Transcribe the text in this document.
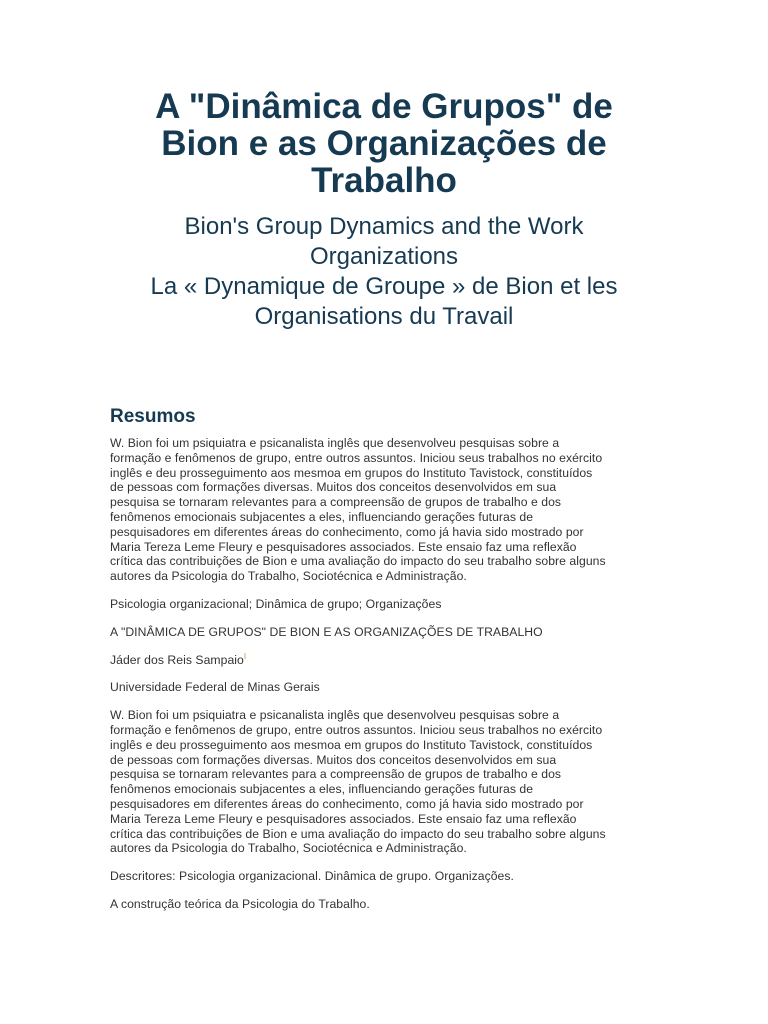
A "Dinâmica de Grupos" de
Bion e as Organizações de
Trabalho
Bion's Group Dynamics and the Work
Organizations
La « Dynamique de Groupe » de Bion et les
Organisations du Travail
Resumos
W. Bion foi um psiquiatra e psicanalista inglês que desenvolveu pesquisas sobre a
formação e fenômenos de grupo, entre outros assuntos. Iniciou seus trabalhos no exército
inglês e deu prosseguimento aos mesmoa em grupos do Instituto Tavistock, constituídos
de pessoas com formações diversas. Muitos dos conceitos desenvolvidos em sua
pesquisa se tornaram relevantes para a compreensão de grupos de trabalho e dos
fenômenos emocionais subjacentes a eles, influenciando gerações futuras de
pesquisadores em diferentes áreas do conhecimento, como já havia sido mostrado por
Maria Tereza Leme Fleury e pesquisadores associados. Este ensaio faz uma reflexão
crítica das contribuições de Bion e uma avaliação do impacto do seu trabalho sobre alguns
autores da Psicologia do Trabalho, Sociotécnica e Administração.

Psicologia organizacional; Dinâmica de grupo; Organizações

A "DINÂMICA DE GRUPOS" DE BION E AS ORGANIZAÇÕES DE TRABALHO

Jáder dos Reis Sampaio$^I$

Universidade Federal de Minas Gerais

W. Bion foi um psiquiatra e psicanalista inglês que desenvolveu pesquisas sobre a
formação e fenômenos de grupo, entre outros assuntos. Iniciou seus trabalhos no exército
inglês e deu prosseguimento aos mesmoa em grupos do Instituto Tavistock, constituídos
de pessoas com formações diversas. Muitos dos conceitos desenvolvidos em sua
pesquisa se tornaram relevantes para a compreensão de grupos de trabalho e dos
fenômenos emocionais subjacentes a eles, influenciando gerações futuras de
pesquisadores em diferentes áreas do conhecimento, como já havia sido mostrado por
Maria Tereza Leme Fleury e pesquisadores associados. Este ensaio faz uma reflexão
crítica das contribuições de Bion e uma avaliação do impacto do seu trabalho sobre alguns
autores da Psicologia do Trabalho, Sociotécnica e Administração.

Descritores: Psicologia organizacional. Dinâmica de grupo. Organizações.

A construção teórica da Psicologia do Trabalho.
